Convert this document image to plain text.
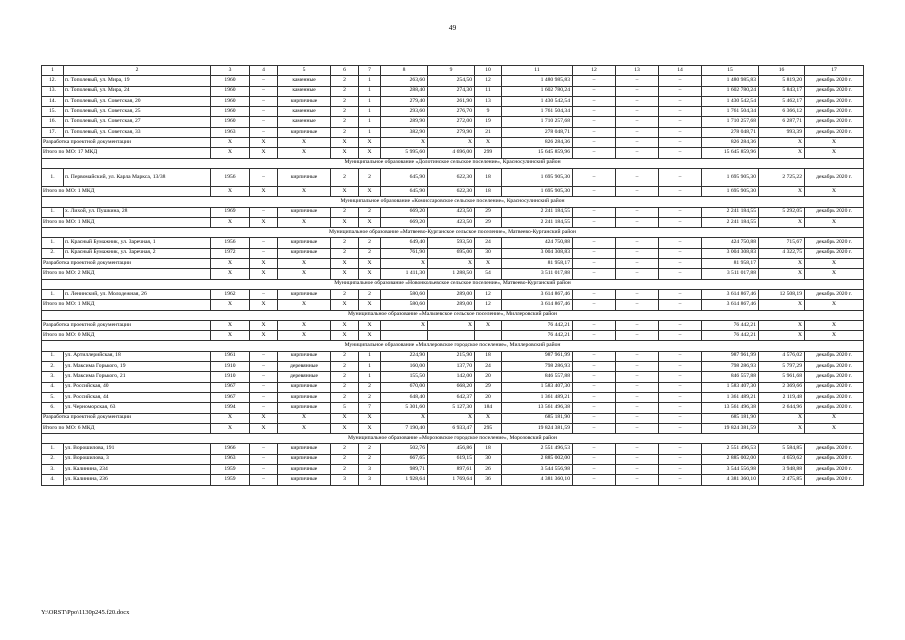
49
1	2	3	4	5	6	7	8	9	10	11	12	13	14	15	16	17
12.	п. Тополевый, ул. Мира, 19	1960	–	каменные	2	1	263,60	254,50	12	1 480 985,83	–	–	–	1 480 985,83	5 819,20	декабрь 2020 г.
13.	п. Тополевый, ул. Мира, 24	1960	–	каменные	2	1	288,40	274,30	11	1 602 780,24	–	–	–	1 602 780,24	5 843,17	декабрь 2020 г.
14.	п. Тополевый, ул. Советская, 20	1960	–	кирпичные	2	1	279,40	261,90	13	1 430 542,54	–	–	–	1 430 542,54	5 462,17	декабрь 2020 г.
15.	п. Тополевый, ул. Советская, 25	1960	–	каменные	2	1	293,60	276,70	9	1 761 504,34	–	–	–	1 761 504,34	6 366,12	декабрь 2020 г.
16.	п. Тополевый, ул. Советская, 27	1960	–	каменные	2	1	289,90	272,00	19	1 710 257,68	–	–	–	1 710 257,68	6 287,71	декабрь 2020 г.
17.	п. Тополевый, ул. Советская, 33	1963	–	кирпичные	2	1	382,90	279,90	21	278 048,71	–	–	–	278 048,71	993,39	декабрь 2020 г.
Разработка проектной документации		X	X	X	X	X	X	X	X	826 284,36	–	–	–	826 284,36	X	X
Итого по МО: 17 МКД		X	X	X	X	X	5 995,60	4 696,00	299	15 645 859,96	–	–	–	15 645 859,96	X	X
Муниципальное образование «Долотинское сельское поселение», Красносулинский район																
1.	п. Первомайский, ул. Карла Маркса, 13/38	1956	–	кирпичные	2	2	645,90	622,30	18	1 695 905,30	–	–	–	1 695 905,30	2 725,22	декабрь 2020 г.
Итого по МО: 1 МКД		X	X	X	X	X	645,90	622,30	18	1 695 905,30	–	–	–	1 695 905,30	X	X
Муниципальное образование «Комиссаровское сельское поселение», Красносулинский район																
1.	х. Лихой, ул. Пушкина, 28	1969	–	кирпичные	2	2	669,20	423,50	29	2 241 184,55	–	–	–	2 241 184,55	5 292,05	декабрь 2020 г.
Итого по МО: 1 МКД		X	X	X	X	X	669,20	423,50	29	2 241 184,55	–	–	–	2 241 184,55	X	X
Муниципальное образование «Матвеево-Курганское сельское поселение», Матвеево-Курганский район																
1.	п. Красный Бумажник, ул. Заречная, 1	1956	–	кирпичные	2	2	649,40	593,50	24	424 750,88	–	–	–	424 750,88	715,67	декабрь 2020 г.
2.	п. Красный Бумажник, ул. Заречная, 2	1972	–	кирпичные	2	2	761,90	695,00	30	3 004 308,83	–	–	–	3 004 308,83	4 322,75	декабрь 2020 г.
Разработка проектной документации		X	X	X	X	X	X	X	X	81 958,17	–	–	–	81 958,17	X	X
Итого по МО: 2 МКД		X	X	X	X	X	1 411,30	1 288,50	54	3 511 017,88	–	–	–	3 511 017,88	X	X
Муниципальное образование «Новонкольевское сельское поселение», Матвеево-Курганский район																
1.	п. Ленинский, ул. Молодежная, 26	1962	–	кирпичные	2	2	580,60	289,00	12	3 614 867,46	–	–	–	3 614 867,46	12 508,19	декабрь 2020 г.
Итого по МО: 1 МКД		X	X	X	X	X	580,60	289,00	12	3 614 867,46	–	–	–	3 614 867,46	X	X
Муниципальное образование «Мальчевское сельское поселение», Миллеровский район																
Разработка проектной документации		X	X	X	X	X	X	X	X	76 442,21	–	–	–	76 442,21	X	X
Итого по МО: 0 МКД		X	X	X	X	X				76 442,21	–	–	–	76 442,21	X	X
Муниципальное образование «Миллеровское городское поселение», Миллеровский район																
1.	ул. Артиллерийская, 18	1961	–	кирпичные	2	1	224,90	215,90	18	987 961,99	–	–	–	987 961,99	4 576,02	декабрь 2020 г.
2.	ул. Максима Горького, 19	1910	–	деревянные	2	1	160,00	137,70	24	798 286,93	–	–	–	798 286,93	5 797,29	декабрь 2020 г.
3.	ул. Максима Горького, 21	1910	–	деревянные	2	1	155,50	142,00	20	846 557,88	–	–	–	846 557,88	5 961,68	декабрь 2020 г.
4.	ул. Российская, 40	1967	–	кирпичные	2	2	670,00	668,20	29	1 583 407,30	–	–	–	1 583 407,30	2 369,66	декабрь 2020 г.
5.	ул. Российская, 44	1967	–	кирпичные	2	2	648,40	642,37	20	1 361 489,21	–	–	–	1 361 489,21	2 119,48	декабрь 2020 г.
6.	ул. Черноморская, 63	1994	–	кирпичные	5	7	5 301,60	5 127,30	184	13 561 496,38	–	–	–	13 561 496,38	2 644,96	декабрь 2020 г.
Разработка проектной документации		X	X	X	X	X	X	X	X	685 181,90	–	–	–	685 181,90	X	X
Итого по МО: 6 МКД		X	X	X	X	X	7 190,40	6 933,47	295	19 824 381,59	–	–	–	19 824 381,59	X	X
Муниципальное образование «Морозовское городское поселение», Морозовский район																
1.	ул. Ворошилова, 191	1966	–	кирпичные	2	2	502,76	456,86	18	2 551 496,53	–	–	–	2 551 496,53	5 584,85	декабрь 2020 г.
2.	ул. Ворошилова, 3	1963	–	кирпичные	2	2	667,65	619,15	30	2 885 002,00	–	–	–	2 885 002,00	4 659,62	декабрь 2020 г.
3.	ул. Калинина, 234	1959	–	кирпичные	2	3	989,71	897,61	26	3 544 556,98	–	–	–	3 544 556,98	3 948,88	декабрь 2020 г.
4.	ул. Калинина, 236	1959	–	кирпичные	3	3	1 928,64	1 769,64	36	4 381 360,10	–	–	–	4 381 360,10	2 475,85	декабрь 2020 г.
Y:\ORST\Ppo\1130p245.f20.docx
